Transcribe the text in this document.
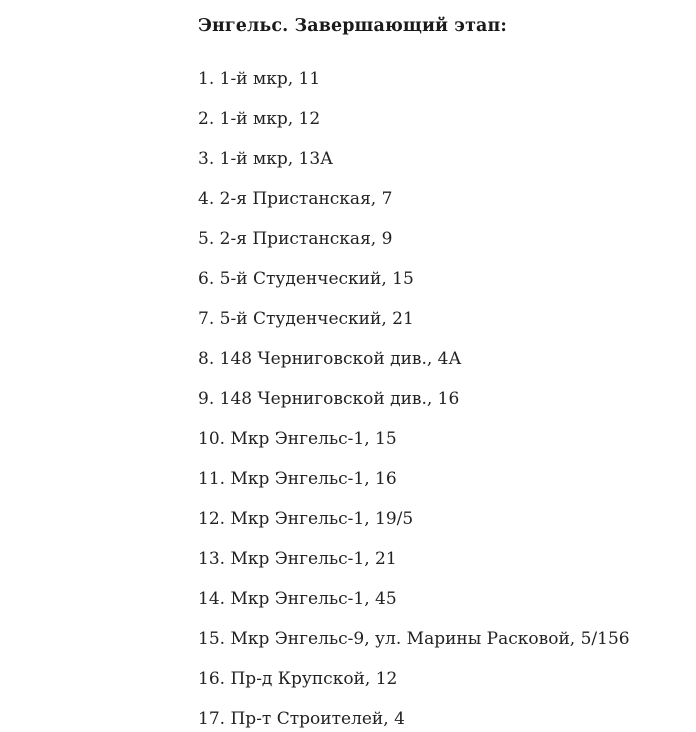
Энгельс. Завершающий этап:
1. 1-й мкр, 11
2. 1-й мкр, 12
3. 1-й мкр, 13А
4. 2-я Пристанская, 7
5. 2-я Пристанская, 9
6. 5-й Студенческий, 15
7. 5-й Студенческий, 21
8. 148 Черниговской див., 4А
9. 148 Черниговской див., 16
10. Мкр Энгельс-1, 15
11. Мкр Энгельс-1, 16
12. Мкр Энгельс-1, 19/5
13. Мкр Энгельс-1, 21
14. Мкр Энгельс-1, 45
15. Мкр Энгельс-9, ул. Марины Расковой, 5/156
16. Пр-д Крупской, 12
17. Пр-т Строителей, 4
